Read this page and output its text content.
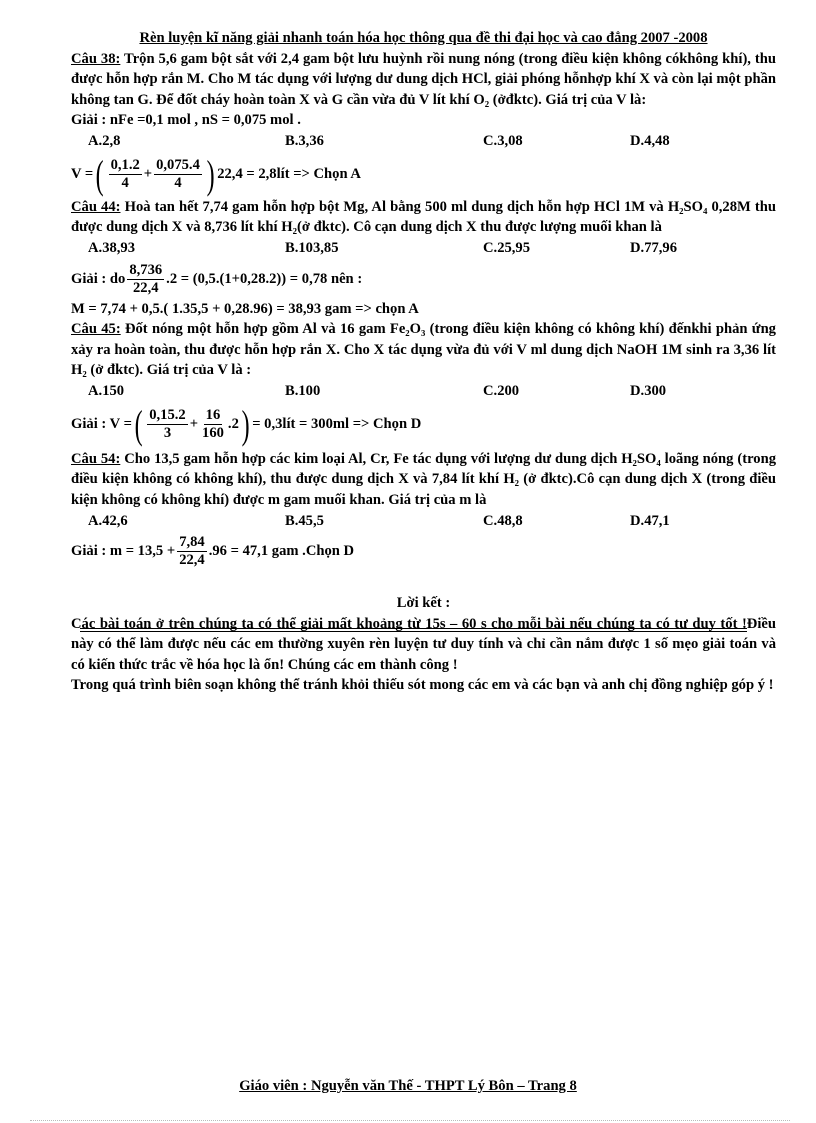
Rèn luyện kĩ năng giải nhanh toán hóa học thông qua đề thi đại học và cao đẳng 2007 -2008

Câu 38: Trộn 5,6 gam bột sắt với 2,4 gam bột lưu huỳnh rồi nung nóng (trong điều kiện không cókhông khí), thu được hỗn hợp rắn M. Cho M tác dụng với lượng dư dung dịch HCl, giải phóng hỗnhợp khí X và còn lại một phần không tan G. Để đốt cháy hoàn toàn X và G cần vừa đủ V lít khí O₂ (ởđktc). Giá trị của V là:

Giải : nFe =0,1 mol , nS = 0,075 mol .
A.2,8	B.3,36	C.3,08	D.4,48
V = ( $\frac{0,1.2}{4} + \frac{0,075.4}{4}$ ) 22,4 = 2,8lít => Chọn A

Câu 44: Hoà tan hết 7,74 gam hỗn hợp bột Mg, Al bằng 500 ml dung dịch hỗn hợp HCl 1M và H₂SO₄ 0,28M thu được dung dịch X và 8,736 lít khí H₂(ở đktc). Cô cạn dung dịch X thu được lượng muối khan là

A.38,93	B.103,85	C.25,95	D.77,96
Giải : do $\frac{8,736}{22,4} .2 = (0,5.(1+0,28.2)) = 0,78$ nên :
M = 7,74 + 0,5.( 1.35,5 + 0,28.96) = 38,93 gam => chọn A

Câu 45: Đốt nóng một hỗn hợp gồm Al và 16 gam Fe₂O₃ (trong điều kiện không có không khí) đếnkhi phản ứng xảy ra hoàn toàn, thu được hỗn hợp rắn X. Cho X tác dụng vừa đủ với V ml dung dịch NaOH 1M sinh ra 3,36 lít H₂ (ở đktc). Giá trị của V là :

A.150	B.100	C.200	D.300
Giải : V = ( $\frac{0,15.2}{3} + \frac{16}{160} .2$ ) = 0,3lít = 300ml => Chọn D

Câu 54: Cho 13,5 gam hỗn hợp các kim loại Al, Cr, Fe tác dụng với lượng dư dung dịch H₂SO₄ loãng nóng (trong điều kiện không có không khí), thu được dung dịch X và 7,84 lít khí H₂ (ở đktc).Cô cạn dung dịch X (trong điều kiện không có không khí) được m gam muối khan. Giá trị của m là

A.42,6	B.45,5	C.48,8	D.47,1
Giải : $m = 13,5 + \frac{7,84}{22,4} .96 = 47,1$ gam .Chọn D
Lời kết :

Các bài toán ở trên chúng ta có thể giải mất khoảng từ 15s – 60 s cho mỗi bài nếu chúng ta có tư duy tốt !Điều này có thể làm được nếu các em thường xuyên rèn luyện tư duy tính và chỉ cần nắm được 1 số mẹo giải toán và có kiến thức trắc về hóa học là ổn! Chúng các em thành công !

Trong quá trình biên soạn không thể tránh khỏi thiếu sót mong các em và các bạn và anh chị đồng nghiệp góp ý !

Giáo viên : Nguyễn văn Thế - THPT Lý Bôn – Trang 8
